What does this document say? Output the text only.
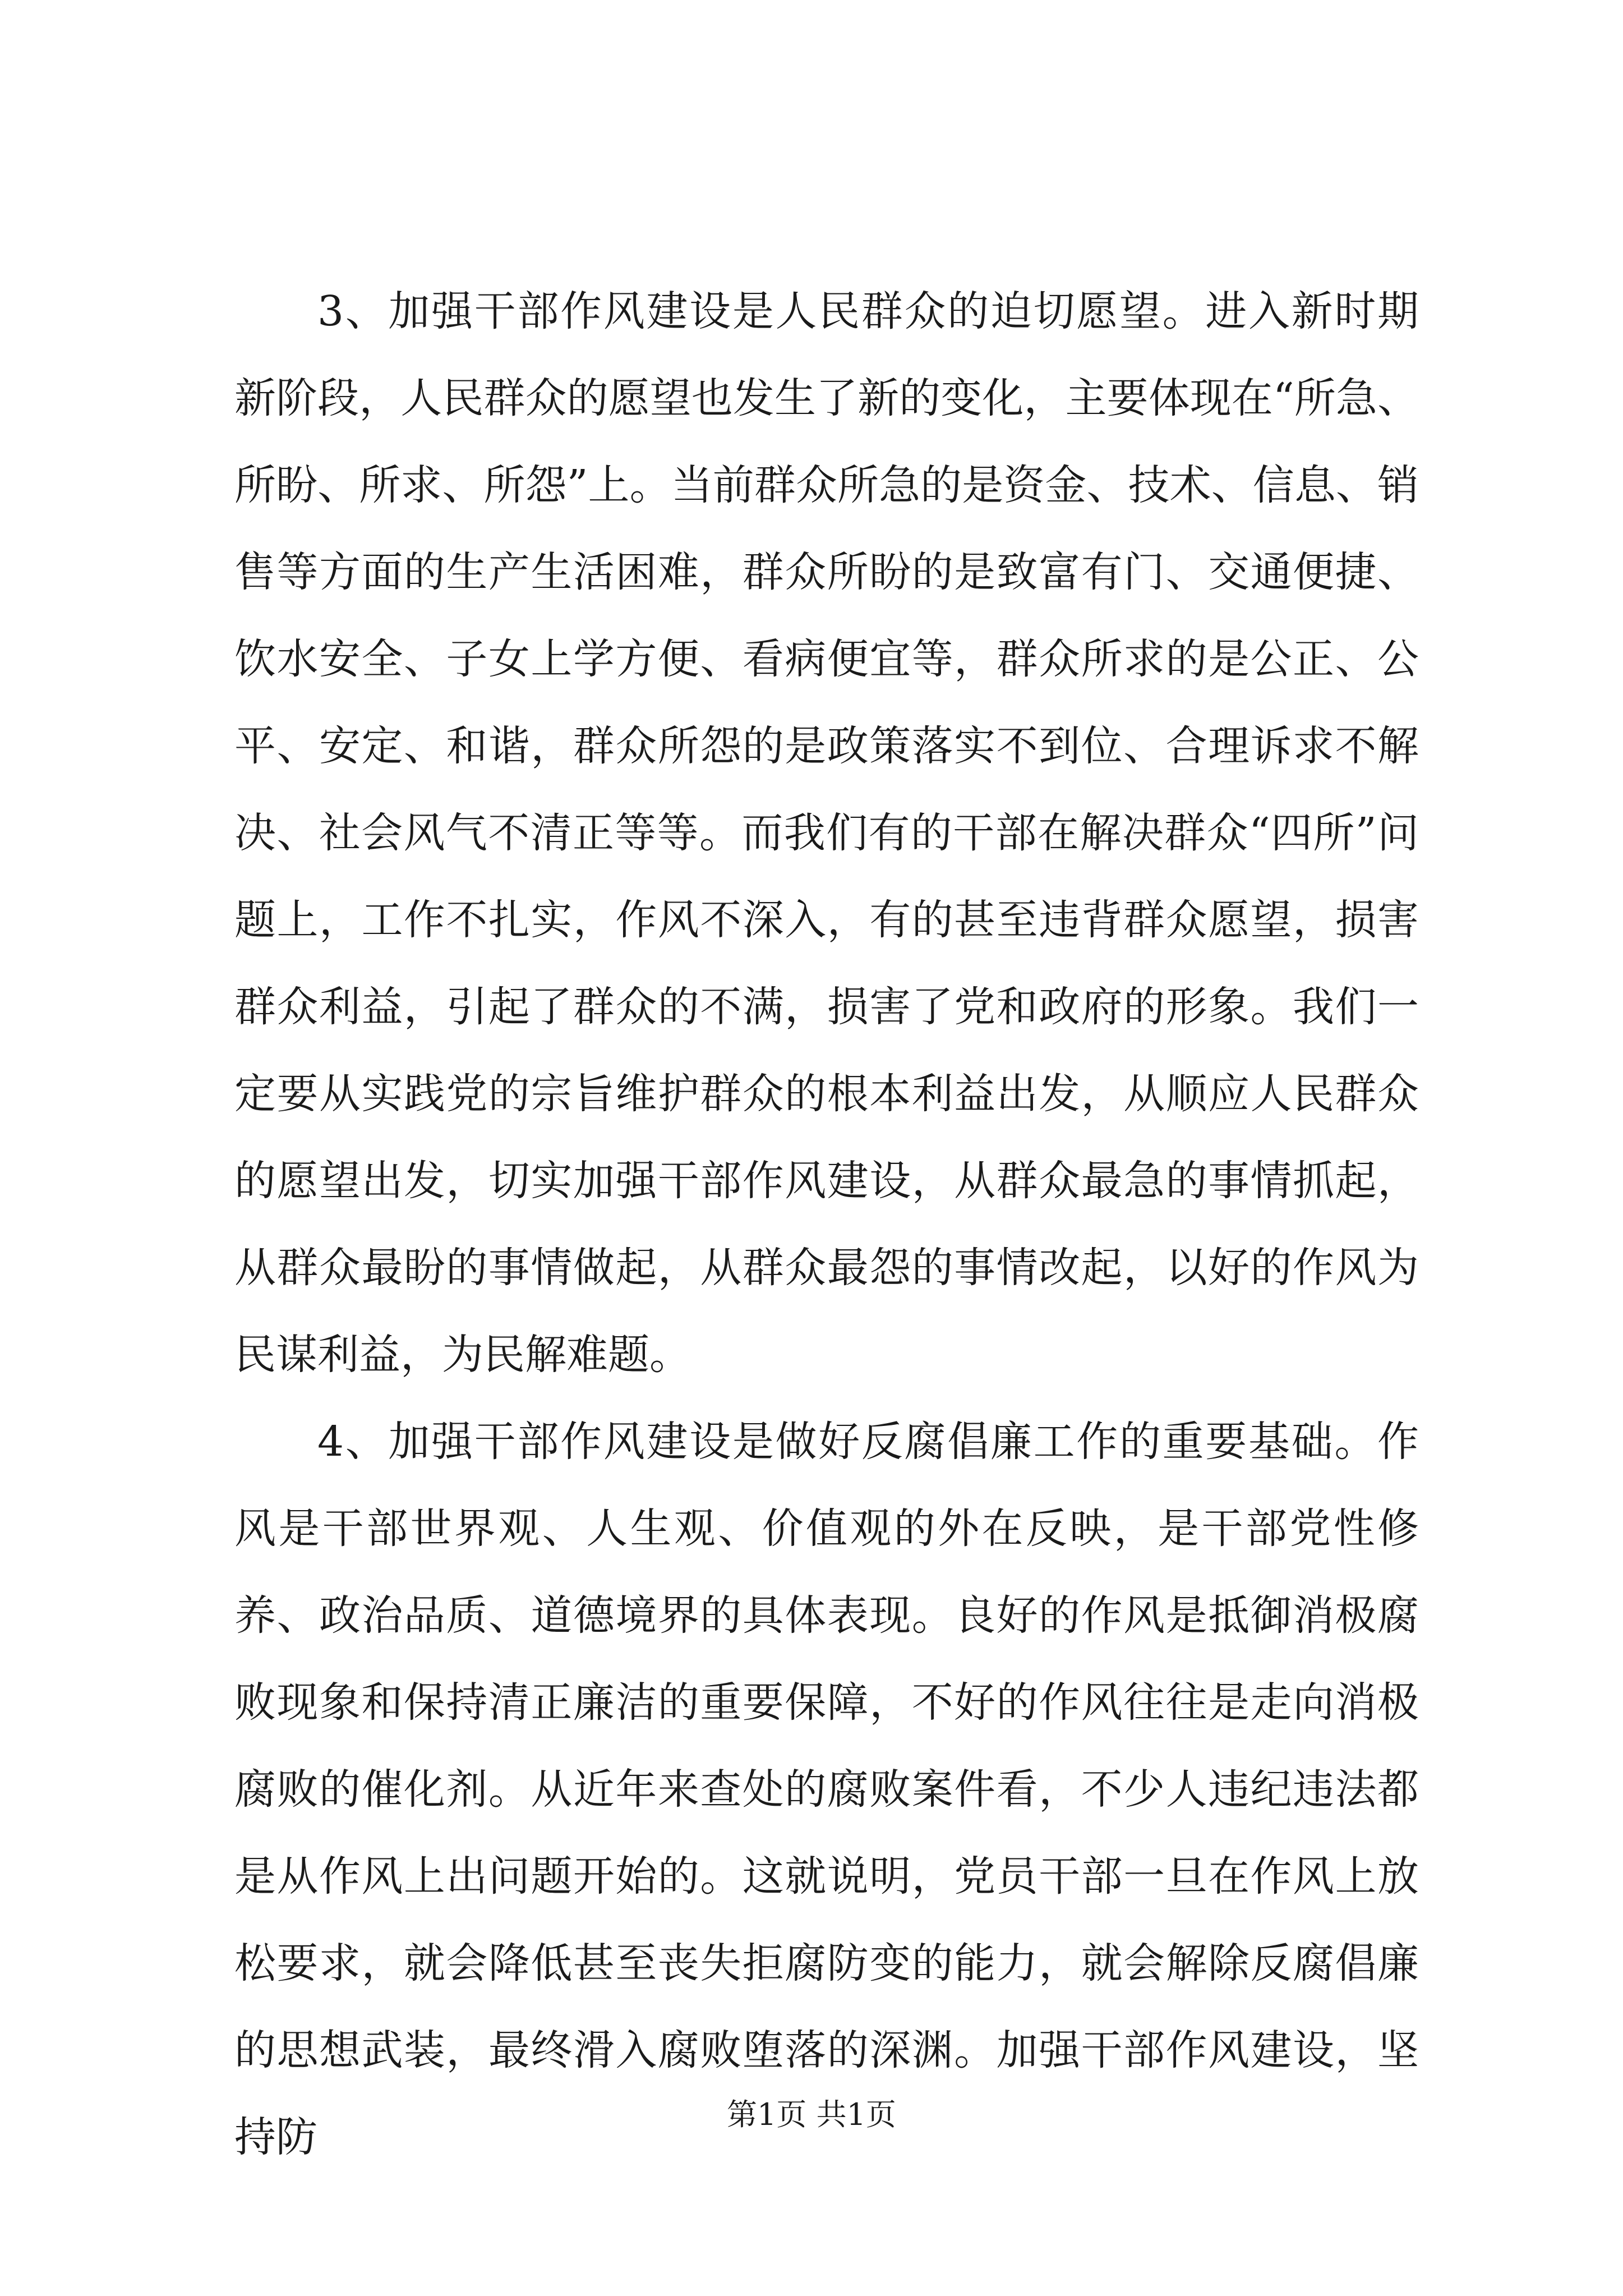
3、加强干部作风建设是人民群众的迫切愿望。进入新时期新阶段，人民群众的愿望也发生了新的变化，主要体现在“所急、所盼、所求、所怨”上。当前群众所急的是资金、技术、信息、销售等方面的生产生活困难，群众所盼的是致富有门、交通便捷、饮水安全、子女上学方便、看病便宜等，群众所求的是公正、公平、安定、和谐，群众所怨的是政策落实不到位、合理诉求不解决、社会风气不清正等等。而我们有的干部在解决群众“四所”问题上，工作不扎实，作风不深入，有的甚至违背群众愿望，损害群众利益，引起了群众的不满，损害了党和政府的形象。我们一定要从实践党的宗旨维护群众的根本利益出发，从顺应人民群众的愿望出发，切实加强干部作风建设，从群众最急的事情抓起，从群众最盼的事情做起，从群众最怨的事情改起，以好的作风为民谋利益，为民解难题。

4、加强干部作风建设是做好反腐倡廉工作的重要基础。作风是干部世界观、人生观、价值观的外在反映，是干部党性修养、政治品质、道德境界的具体表现。良好的作风是抵御消极腐败现象和保持清正廉洁的重要保障，不好的作风往往是走向消极腐败的催化剂。从近年来查处的腐败案件看，不少人违纪违法都是从作风上出问题开始的。这就说明，党员干部一旦在作风上放松要求，就会降低甚至丧失拒腐防变的能力，就会解除反腐倡廉的思想武装，最终滑入腐败堕落的深渊。加强干部作风建设，坚持防	第1页 共1页
